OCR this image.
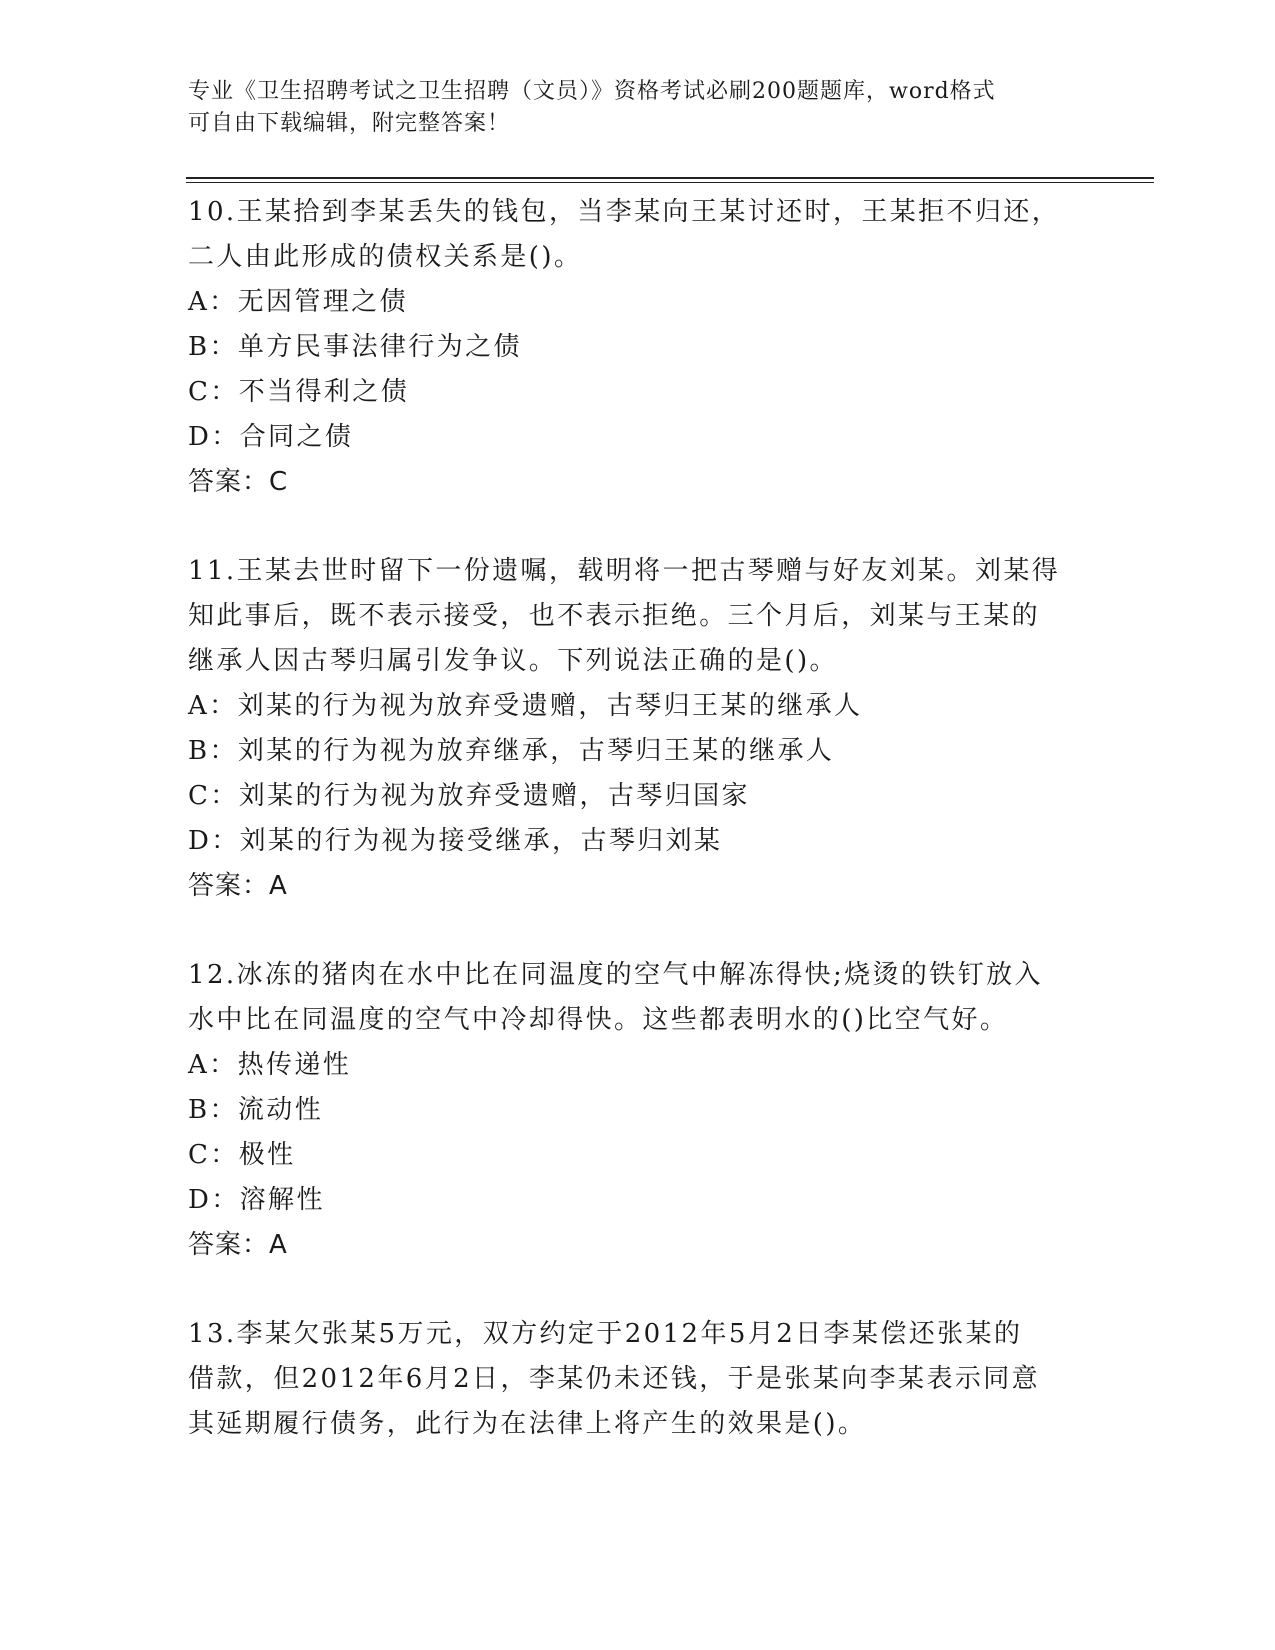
专业《卫生招聘考试之卫生招聘（文员）》资格考试必刷200题题库，word格式
可自由下载编辑，附完整答案！
10.王某拾到李某丢失的钱包，当李某向王某讨还时，王某拒不归还，
二人由此形成的债权关系是()。
A：无因管理之债
B：单方民事法律行为之债
C：不当得利之债
D：合同之债
答案：C
11.王某去世时留下一份遗嘱，载明将一把古琴赠与好友刘某。刘某得
知此事后，既不表示接受，也不表示拒绝。三个月后，刘某与王某的
继承人因古琴归属引发争议。下列说法正确的是()。
A：刘某的行为视为放弃受遗赠，古琴归王某的继承人
B：刘某的行为视为放弃继承，古琴归王某的继承人
C：刘某的行为视为放弃受遗赠，古琴归国家
D：刘某的行为视为接受继承，古琴归刘某
答案：A
12.冰冻的猪肉在水中比在同温度的空气中解冻得快;烧烫的铁钉放入
水中比在同温度的空气中冷却得快。这些都表明水的()比空气好。
A：热传递性
B：流动性
C：极性
D：溶解性
答案：A
13.李某欠张某5万元，双方约定于2012年5月2日李某偿还张某的
借款，但2012年6月2日，李某仍未还钱，于是张某向李某表示同意
其延期履行债务，此行为在法律上将产生的效果是()。
